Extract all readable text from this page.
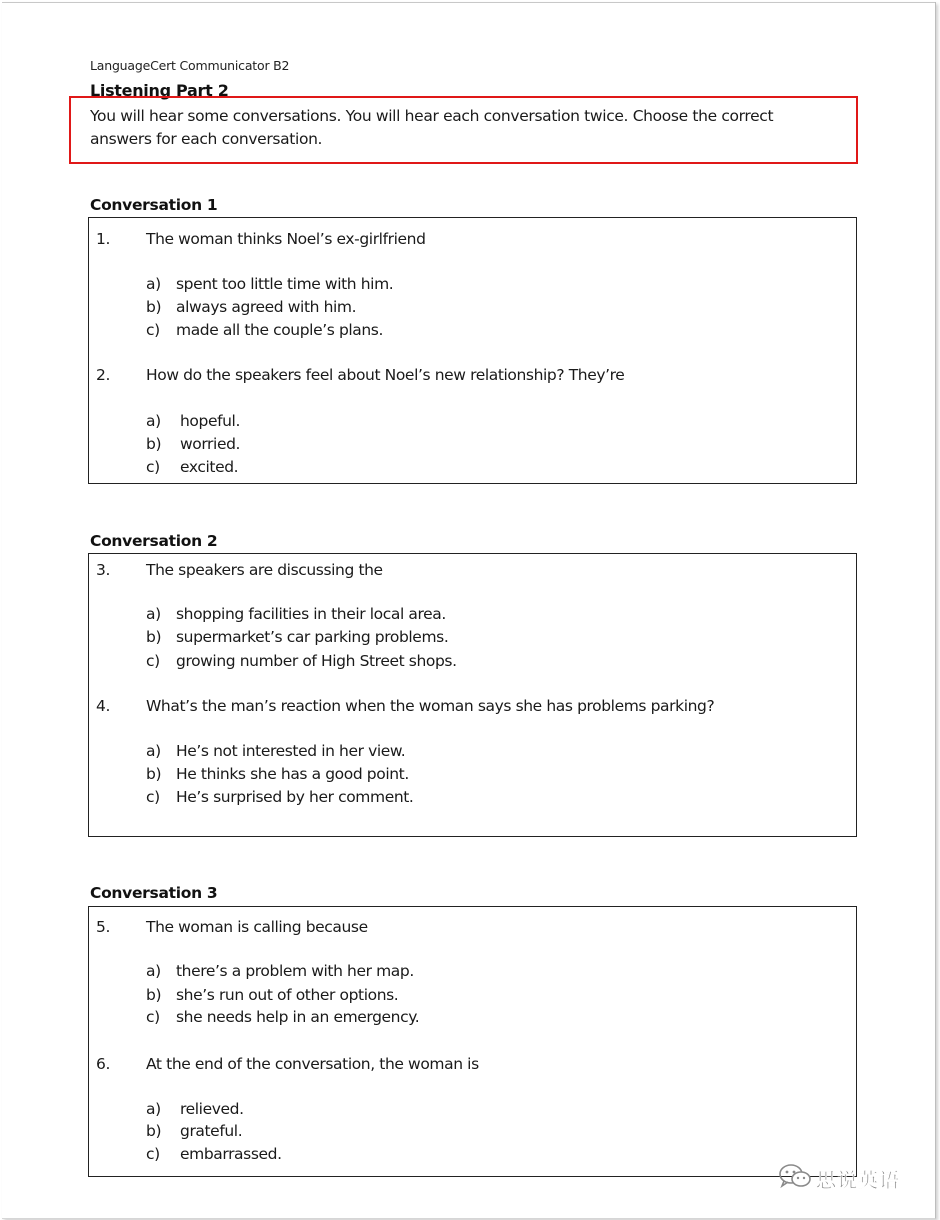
LanguageCert Communicator B2
Listening Part 2
You will hear some conversations. You will hear each conversation twice. Choose the correct
answers for each conversation.
Conversation 1
1. The woman thinks Noel’s ex-girlfriend
a) spent too little time with him.
b) always agreed with him.
c) made all the couple’s plans.
2. How do the speakers feel about Noel’s new relationship? They’re
a) hopeful.
b) worried.
c) excited.
Conversation 2
3. The speakers are discussing the
a) shopping facilities in their local area.
b) supermarket’s car parking problems.
c) growing number of High Street shops.
4. What’s the man’s reaction when the woman says she has problems parking?
a) He’s not interested in her view.
b) He thinks she has a good point.
c) He’s surprised by her comment.
Conversation 3
5. The woman is calling because
a) there’s a problem with her map.
b) she’s run out of other options.
c) she needs help in an emergency.
6. At the end of the conversation, the woman is
a) relieved.
b) grateful.
c) embarrassed.
思说英语
